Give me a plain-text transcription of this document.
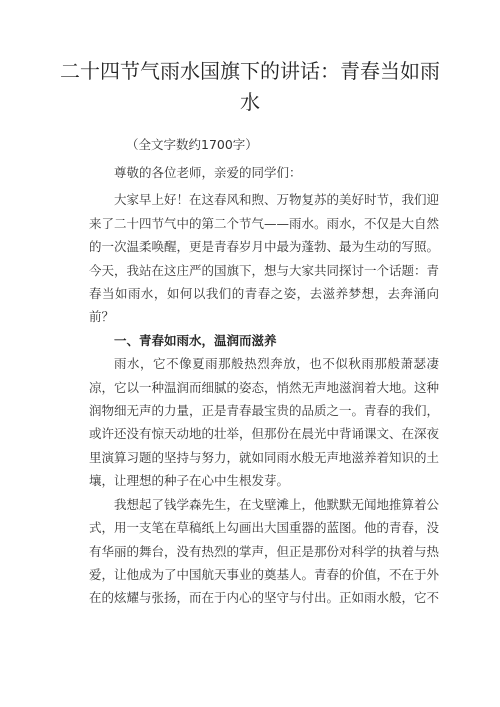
二十四节气雨水国旗下的讲话：青春当如雨水
（全文字数约1700字）

尊敬的各位老师，亲爱的同学们：

大家早上好！在这春风和煦、万物复苏的美好时节，我们迎来了二十四节气中的第二个节气——雨水。雨水，不仅是大自然的一次温柔唤醒，更是青春岁月中最为蓬勃、最为生动的写照。今天，我站在这庄严的国旗下，想与大家共同探讨一个话题：青春当如雨水，如何以我们的青春之姿，去滋养梦想，去奔涌向前？

一、青春如雨水，温润而滋养

雨水，它不像夏雨那般热烈奔放，也不似秋雨那般萧瑟凄凉，它以一种温润而细腻的姿态，悄然无声地滋润着大地。这种润物细无声的力量，正是青春最宝贵的品质之一。青春的我们，或许还没有惊天动地的壮举，但那份在晨光中背诵课文、在深夜里演算习题的坚持与努力，就如同雨水般无声地滋养着知识的土壤，让理想的种子在心中生根发芽。

我想起了钱学森先生，在戈壁滩上，他默默无闻地推算着公式，用一支笔在草稿纸上勾画出大国重器的蓝图。他的青春，没有华丽的舞台，没有热烈的掌声，但正是那份对科学的执着与热爱，让他成为了中国航天事业的奠基人。青春的价值，不在于外在的炫耀与张扬，而在于内心的坚守与付出。正如雨水般，它不
